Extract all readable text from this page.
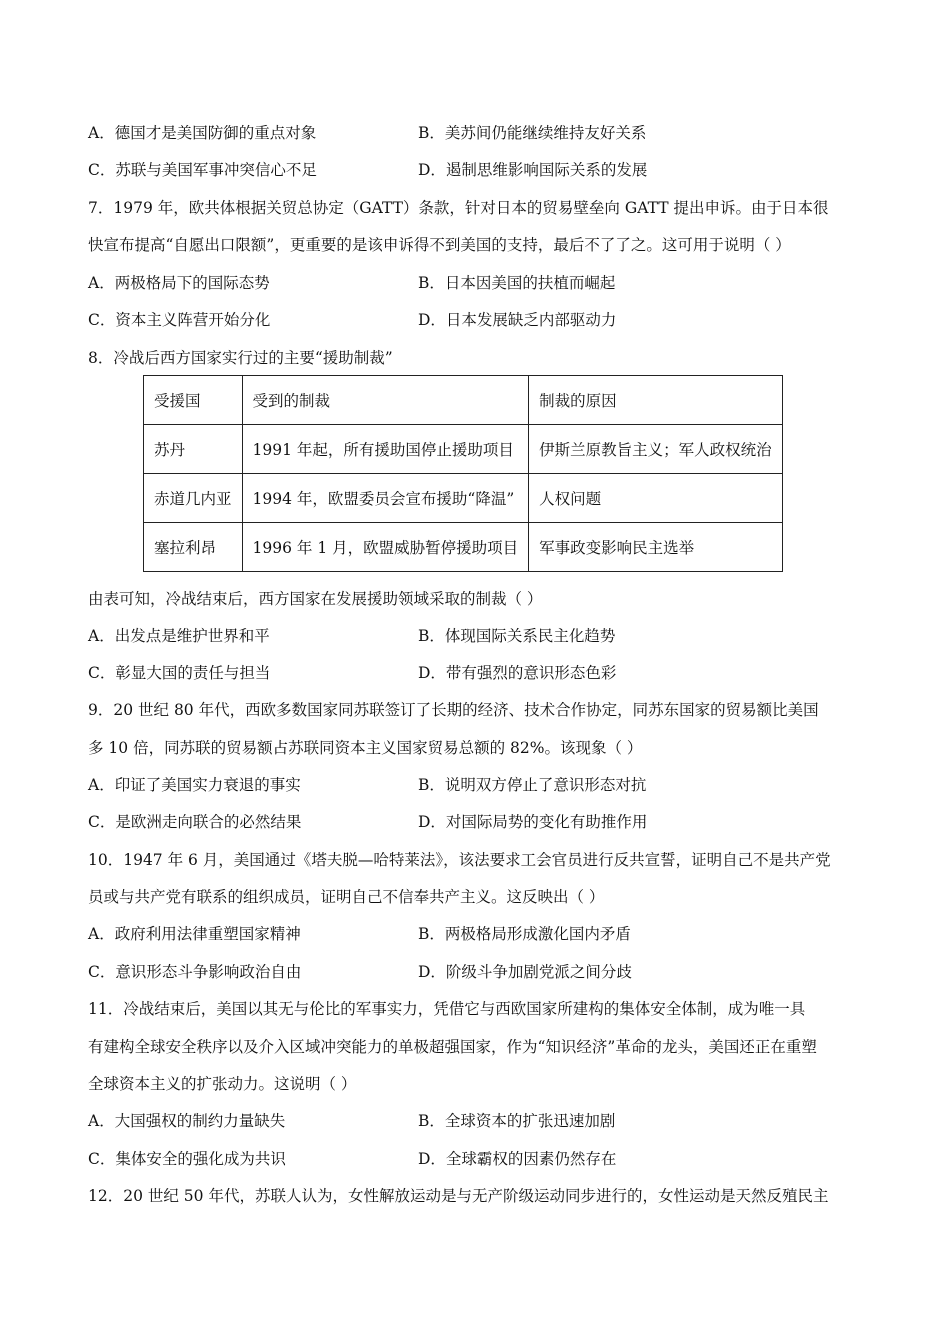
A．德国才是美国防御的重点对象	B．美苏间仍能继续维持友好关系
C．苏联与美国军事冲突信心不足	D．遏制思维影响国际关系的发展
7．1979 年，欧共体根据关贸总协定（GATT）条款，针对日本的贸易壁垒向 GATT 提出申诉。由于日本很
快宣布提高“自愿出口限额”，更重要的是该申诉得不到美国的支持，最后不了了之。这可用于说明（ ）
A．两极格局下的国际态势	B．日本因美国的扶植而崛起
C．资本主义阵营开始分化	D．日本发展缺乏内部驱动力
8．冷战后西方国家实行过的主要“援助制裁”
受援国	受到的制裁	制裁的原因
苏丹	1991 年起，所有援助国停止援助项目	伊斯兰原教旨主义；军人政权统治
赤道几内亚	1994 年，欧盟委员会宣布援助“降温”	人权问题
塞拉利昂	1996 年 1 月，欧盟威胁暂停援助项目	军事政变影响民主选举
由表可知，冷战结束后，西方国家在发展援助领域采取的制裁（ ）
A．出发点是维护世界和平	B．体现国际关系民主化趋势
C．彰显大国的责任与担当	D．带有强烈的意识形态色彩
9．20 世纪 80 年代，西欧多数国家同苏联签订了长期的经济、技术合作协定，同苏东国家的贸易额比美国
多 10 倍，同苏联的贸易额占苏联同资本主义国家贸易总额的 82%。该现象（ ）
A．印证了美国实力衰退的事实	B．说明双方停止了意识形态对抗
C．是欧洲走向联合的必然结果	D．对国际局势的变化有助推作用
10．1947 年 6 月，美国通过《塔夫脱—哈特莱法》，该法要求工会官员进行反共宣誓，证明自己不是共产党
员或与共产党有联系的组织成员，证明自己不信奉共产主义。这反映出（ ）
A．政府利用法律重塑国家精神	B．两极格局形成激化国内矛盾
C．意识形态斗争影响政治自由	D．阶级斗争加剧党派之间分歧
11．冷战结束后，美国以其无与伦比的军事实力，凭借它与西欧国家所建构的集体安全体制，成为唯一具
有建构全球安全秩序以及介入区域冲突能力的单极超强国家，作为“知识经济”革命的龙头，美国还正在重塑
全球资本主义的扩张动力。这说明（ ）
A．大国强权的制约力量缺失	B．全球资本的扩张迅速加剧
C．集体安全的强化成为共识	D．全球霸权的因素仍然存在
12．20 世纪 50 年代，苏联人认为，女性解放运动是与无产阶级运动同步进行的，女性运动是天然反殖民主
